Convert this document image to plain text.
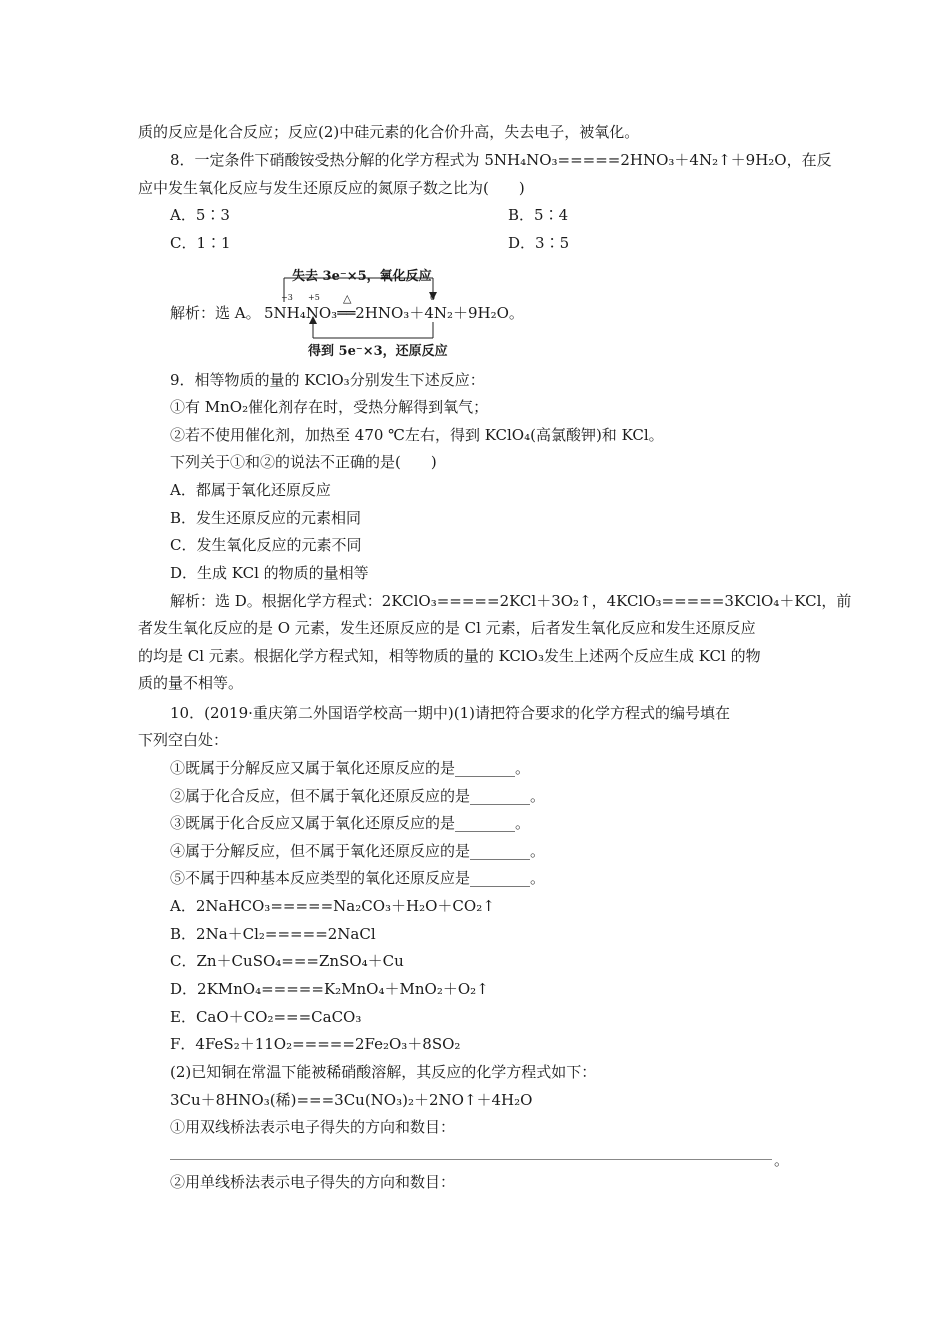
质的反应是化合反应；反应(2)中硅元素的化合价升高，失去电子，被氧化。
8．一定条件下硝酸铵受热分解的化学方程式为 5NH₄NO₃=====2HNO₃＋4N₂↑＋9H₂O，在反
应中发生氧化反应与发生还原反应的氮原子数之比为(　　)
A．5∶3	B．5∶4
C．1∶1	D．3∶5
失去 3e⁻×5，氧化反应
−3 +5	0
△
解析：选 A。 5NH₄NO₃══2HNO₃＋4N₂＋9H₂O。
得到 5e⁻×3，还原反应
9．相等物质的量的 KClO₃分别发生下述反应：
①有 MnO₂催化剂存在时，受热分解得到氧气；
②若不使用催化剂，加热至 470 ℃左右，得到 KClO₄(高氯酸钾)和 KCl。
下列关于①和②的说法不正确的是(　　)
A．都属于氧化还原反应
B．发生还原反应的元素相同
C．发生氧化反应的元素不同
D．生成 KCl 的物质的量相等
解析：选 D。根据化学方程式：2KClO₃=====2KCl＋3O₂↑，4KClO₃=====3KClO₄＋KCl，前
者发生氧化反应的是 O 元素，发生还原反应的是 Cl 元素，后者发生氧化反应和发生还原反应
的均是 Cl 元素。根据化学方程式知，相等物质的量的 KClO₃发生上述两个反应生成 KCl 的物
质的量不相等。
10．(2019·重庆第二外国语学校高一期中)(1)请把符合要求的化学方程式的编号填在
下列空白处：
①既属于分解反应又属于氧化还原反应的是________。
②属于化合反应，但不属于氧化还原反应的是________。
③既属于化合反应又属于氧化还原反应的是________。
④属于分解反应，但不属于氧化还原反应的是________。
⑤不属于四种基本反应类型的氧化还原反应是________。
A．2NaHCO₃=====Na₂CO₃＋H₂O＋CO₂↑
B．2Na＋Cl₂=====2NaCl
C．Zn＋CuSO₄===ZnSO₄＋Cu
D．2KMnO₄=====K₂MnO₄＋MnO₂＋O₂↑
E．CaO＋CO₂===CaCO₃
F．4FeS₂＋11O₂=====2Fe₂O₃＋8SO₂
(2)已知铜在常温下能被稀硝酸溶解，其反应的化学方程式如下：
3Cu＋8HNO₃(稀)===3Cu(NO₃)₂＋2NO↑＋4H₂O
①用双线桥法表示电子得失的方向和数目：
。
②用单线桥法表示电子得失的方向和数目：
